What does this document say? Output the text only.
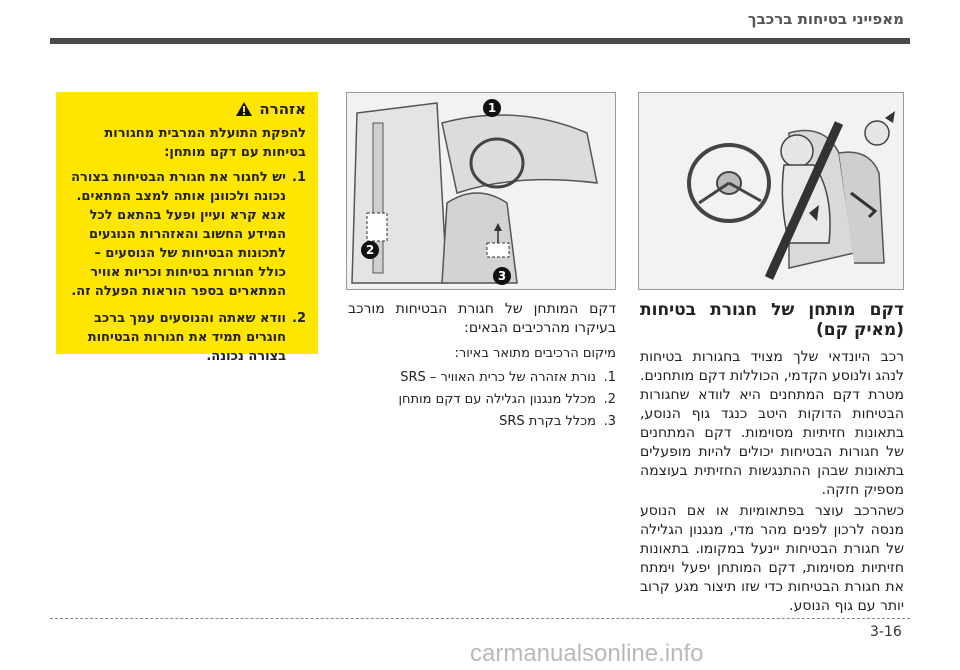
מאפייני בטיחות ברכבך
דקם מותחן של חגורת בטיחות (מאיק קם)

רכב היונדאי שלך מצויד בחגורות בטיחות לנהג ולנוסע הקדמי, הכוללות דקם מותחנים. מטרת דקם המתחנים היא לוודא שחגורות הבטיחות הדוקות היטב כנגד גוף הנוסע, בתאונות חזיתיות מסוימות. דקם המתחנים של חגורות הבטיחות יכולים להיות מופעלים בתאונות שבהן ההתנגשות החזיתית בעוצמה מספיק חזקה.

כשהרכב עוצר בפתאומיות או אם הנוסע מנסה לרכון לפנים מהר מדי, מנגנון הגלילה של חגורת הבטיחות יינעל במקומו. בתאונות חזיתיות מסוימות, דקם המותחן יפעל וימתח את חגורת הבטיחות כדי שזו תיצור מגע קרוב יותר עם גוף הנוסע.

1
2
3

דקם המותחן של חגורת הבטיחות מורכב בעיקרו מהרכיבים הבאים:

מיקום הרכיבים מתואר באיור:

1.נורת אזהרה של כרית האוויר – SRS
2.מכלל מנגנון הגלילה עם דקם מותחן
3.מכלל בקרת SRS
אזהרה
להפקת התועלת המרבית מחגורות בטיחות עם דקם מותחן:
1.
יש לחגור את חגורת הבטיחות בצורה נכונה ולכוונן אותה למצב המתאים. אנא קרא ועיין ופעל בהתאם לכל המידע החשוב והאזהרות הנוגעים לתכונות הבטיחות של הנוסעים – כולל חגורות בטיחות וכריות אוויר המתארים בספר הוראות הפעלה זה.
2.
וודא שאתה והנוסעים עמך ברכב חוגרים תמיד את חגורות הבטיחות בצורה נכונה.
3-16
carmanualsonline.info
